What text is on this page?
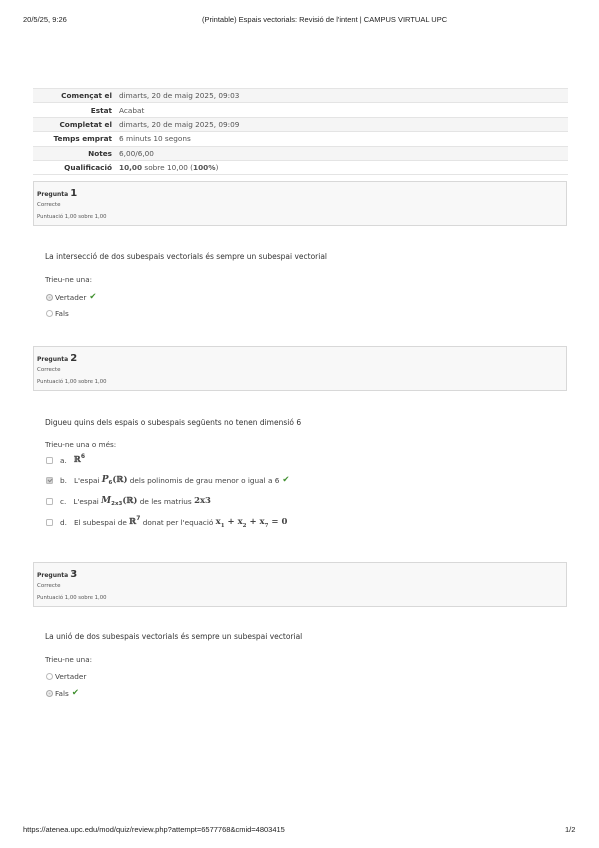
20/5/25, 9:26	(Printable) Espais vectorials: Revisió de l'intent | CAMPUS VIRTUAL UPC
Començat el	dimarts, 20 de maig 2025, 09:03
Estat	Acabat
Completat el	dimarts, 20 de maig 2025, 09:09
Temps emprat	6 minuts 10 segons
Notes	6,00/6,00
Qualificació	10,00 sobre 10,00 (100%)
Pregunta 1
Correcte
Puntuació 1,00 sobre 1,00
La intersecció de dos subespais vectorials és sempre un subespai vectorial
Trieu-ne una:
Vertader ✔
Fals
Pregunta 2
Correcte
Puntuació 1,00 sobre 1,00
Digueu quins dels espais o subespais següents no tenen dimensió 6
Trieu-ne una o més:
a. ℝ 6
b. L'espai P 6 (ℝ) dels polinomis de grau menor o igual a 6 ✔
c. L'espai M 2x3 (ℝ) de les matrius 2x3
d. El subespai de ℝ 7 donat per l'equació $x_1 + x_2 + x_7 = 0$
Pregunta 3
Correcte
Puntuació 1,00 sobre 1,00
La unió de dos subespais vectorials és sempre un subespai vectorial
Trieu-ne una:
Vertader
Fals ✔
https://atenea.upc.edu/mod/quiz/review.php?attempt=6577768&cmid=4803415	1/2
